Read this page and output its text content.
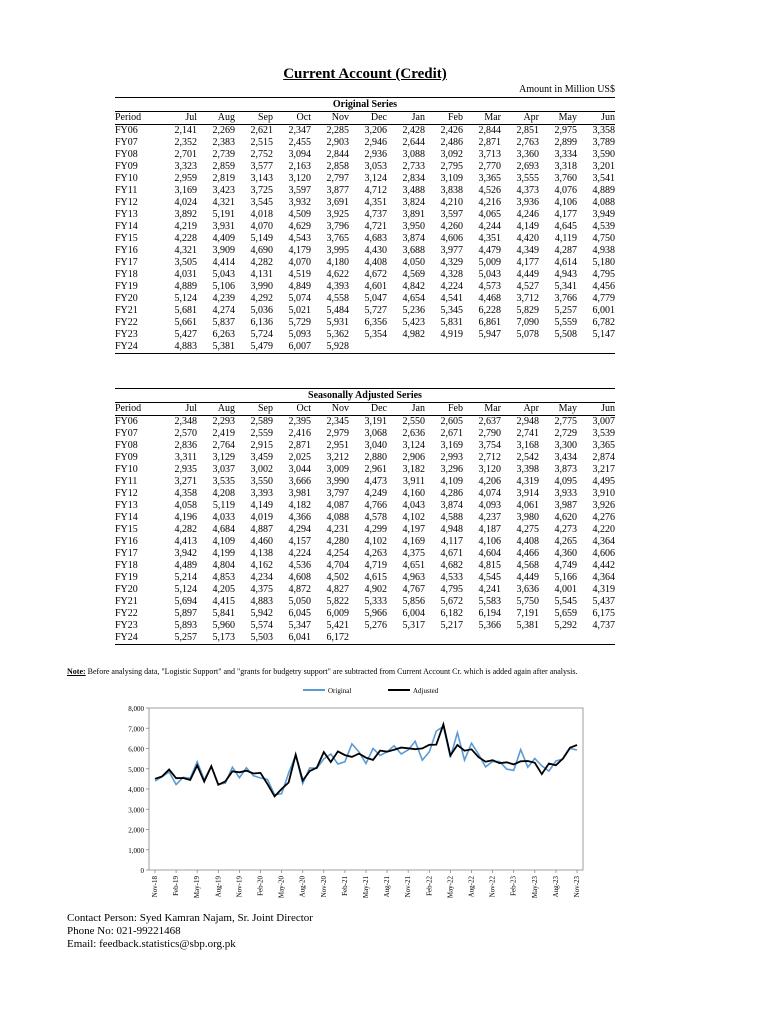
Current Account (Credit)
Amount in Million US$
Original Series												
Period	Jul	Aug	Sep	Oct	Nov	Dec	Jan	Feb	Mar	Apr	May	Jun
FY06	2,141	2,269	2,621	2,347	2,285	3,206	2,428	2,426	2,844	2,851	2,975	3,358
FY07	2,352	2,383	2,515	2,455	2,903	2,946	2,644	2,486	2,871	2,763	2,899	3,789
FY08	2,701	2,739	2,752	3,094	2,844	2,936	3,088	3,092	3,713	3,360	3,334	3,590
FY09	3,323	2,859	3,577	2,163	2,858	3,053	2,733	2,795	2,770	2,693	3,318	3,201
FY10	2,959	2,819	3,143	3,120	2,797	3,124	2,834	3,109	3,365	3,555	3,760	3,541
FY11	3,169	3,423	3,725	3,597	3,877	4,712	3,488	3,838	4,526	4,373	4,076	4,889
FY12	4,024	4,321	3,545	3,932	3,691	4,351	3,824	4,210	4,216	3,936	4,106	4,088
FY13	3,892	5,191	4,018	4,509	3,925	4,737	3,891	3,597	4,065	4,246	4,177	3,949
FY14	4,219	3,931	4,070	4,629	3,796	4,721	3,950	4,260	4,244	4,149	4,645	4,539
FY15	4,228	4,409	5,149	4,543	3,765	4,683	3,874	4,606	4,351	4,420	4,119	4,750
FY16	4,321	3,909	4,690	4,179	3,995	4,430	3,688	3,977	4,479	4,349	4,287	4,938
FY17	3,505	4,414	4,282	4,070	4,180	4,408	4,050	4,329	5,009	4,177	4,614	5,180
FY18	4,031	5,043	4,131	4,519	4,622	4,672	4,569	4,328	5,043	4,449	4,943	4,795
FY19	4,889	5,106	3,990	4,849	4,393	4,601	4,842	4,224	4,573	4,527	5,341	4,456
FY20	5,124	4,239	4,292	5,074	4,558	5,047	4,654	4,541	4,468	3,712	3,766	4,779
FY21	5,681	4,274	5,036	5,021	5,484	5,727	5,236	5,345	6,228	5,829	5,257	6,001
FY22	5,661	5,837	6,136	5,729	5,931	6,356	5,423	5,831	6,861	7,090	5,559	6,782
FY23	5,427	6,263	5,724	5,093	5,362	5,354	4,982	4,919	5,947	5,078	5,508	5,147
FY24	4,883	5,381	5,479	6,007	5,928							
Seasonally Adjusted Series												
Period	Jul	Aug	Sep	Oct	Nov	Dec	Jan	Feb	Mar	Apr	May	Jun
FY06	2,348	2,293	2,589	2,395	2,345	3,191	2,550	2,605	2,637	2,948	2,775	3,007
FY07	2,570	2,419	2,559	2,416	2,979	3,068	2,636	2,671	2,790	2,741	2,729	3,539
FY08	2,836	2,764	2,915	2,871	2,951	3,040	3,124	3,169	3,754	3,168	3,300	3,365
FY09	3,311	3,129	3,459	2,025	3,212	2,880	2,906	2,993	2,712	2,542	3,434	2,874
FY10	2,935	3,037	3,002	3,044	3,009	2,961	3,182	3,296	3,120	3,398	3,873	3,217
FY11	3,271	3,535	3,550	3,666	3,990	4,473	3,911	4,109	4,206	4,319	4,095	4,495
FY12	4,358	4,208	3,393	3,981	3,797	4,249	4,160	4,286	4,074	3,914	3,933	3,910
FY13	4,058	5,119	4,149	4,182	4,087	4,766	4,043	3,874	4,093	4,061	3,987	3,926
FY14	4,196	4,033	4,019	4,366	4,088	4,578	4,102	4,588	4,237	3,980	4,620	4,276
FY15	4,282	4,684	4,887	4,294	4,231	4,299	4,197	4,948	4,187	4,275	4,273	4,220
FY16	4,413	4,109	4,460	4,157	4,280	4,102	4,169	4,117	4,106	4,408	4,265	4,364
FY17	3,942	4,199	4,138	4,224	4,254	4,263	4,375	4,671	4,604	4,466	4,360	4,606
FY18	4,489	4,804	4,162	4,536	4,704	4,719	4,651	4,682	4,815	4,568	4,749	4,442
FY19	5,214	4,853	4,234	4,608	4,502	4,615	4,963	4,533	4,545	4,449	5,166	4,364
FY20	5,124	4,205	4,375	4,872	4,827	4,902	4,767	4,795	4,241	3,636	4,001	4,319
FY21	5,694	4,415	4,883	5,050	5,822	5,333	5,856	5,672	5,583	5,750	5,545	5,437
FY22	5,897	5,841	5,942	6,045	6,009	5,966	6,004	6,182	6,194	7,191	5,659	6,175
FY23	5,893	5,960	5,574	5,347	5,421	5,276	5,317	5,217	5,366	5,381	5,292	4,737
FY24	5,257	5,173	5,503	6,041	6,172							
Note: Before analysing data, "Logistic Support" and "grants for budgetry support" are subtracted from Current Account Cr. which is added again after analysis.
0
1,000
2,000
3,000
4,000
5,000
6,000
7,000
8,000
Nov-18 Feb-19 May-19 Aug-19 Nov-19 Feb-20 May-20 Aug-20 Nov-20 Feb-21 May-21 Aug-21 Nov-21 Feb-22 May-22 Aug-22 Nov-22 Feb-23 May-23 Aug-23 Nov-23
Original	Adjusted
Contact Person: Syed Kamran Najam, Sr. Joint Director
Phone No: 021-99221468
Email: feedback.statistics@sbp.org.pk
